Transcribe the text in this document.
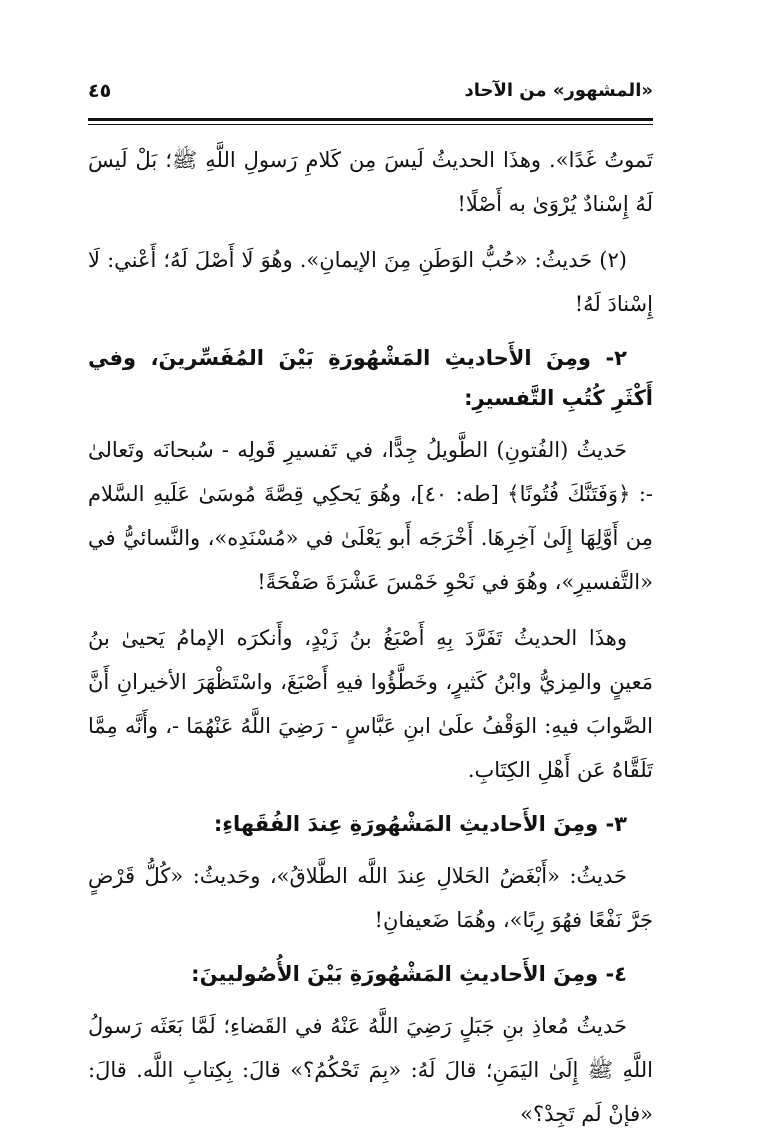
«المشهور» من الآحاد
٤٥

تَموتُ غَدًا». وهذَا الحديثُ لَيسَ مِن كَلامِ رَسولِ اللَّهِ ﷺ؛ بَلْ لَيسَ لَهُ إِسْنادٌ يُرْوَىٰ به أَصْلًا!

(٢) حَديثُ: «حُبُّ الوَطَنِ مِنَ الإيمانِ». وهُوَ لَا أَصْلَ لَهُ؛ أَعْني: لَا إِسْنادَ لَهُ!

٢- ومِنَ الأَحاديثِ المَشْهُورَةِ بَيْنَ المُفَسِّرينَ، وفي أَكْثَرِ كُتُبِ التَّفسيرِ:

حَديثُ (الفُتونِ) الطَّويلُ جِدًّا، في تَفسيرِ قَولِه - سُبحانَه وتَعالىٰ -: ﴿وَفَتَنَّكَ فُتُونًا﴾ [طه: ٤٠]، وهُوَ يَحكِي قِصَّةَ مُوسَىٰ عَلَيهِ السَّلام مِن أَوَّلِهَا إِلَىٰ آخِرِهَا. أَخْرَجَه أَبو يَعْلَىٰ في «مُسْنَدِه»، والنَّسائيُّ في «التَّفسيرِ»، وهُوَ في نَحْوِ خَمْسَ عَشْرَةَ صَفْحَةً!

وهذَا الحديثُ تَفَرَّدَ بِهِ أَصْبَغُ بنُ زَيْدٍ، وأَنكرَه الإمامُ يَحيىٰ بنُ مَعينٍ والمِزيُّ وابْنُ كَثيرٍ، وخَطَّؤُوا فيهِ أَصْبَغَ، واسْتَظْهَرَ الأخيرانِ أَنَّ الصَّوابَ فيهِ: الوَقْفُ علَىٰ ابنِ عَبَّاسٍ - رَضِيَ اللَّهُ عَنْهُمَا -، وأَنَّه مِمَّا تَلَقَّاهُ عَن أَهْلِ الكِتَابِ.

٣- ومِنَ الأَحاديثِ المَشْهُورَةِ عِندَ الفُقَهاءِ:

حَديثُ: «أَبْغَضُ الحَلالِ عِندَ اللَّه الطَّلاقُ»، وحَديثُ: «كُلُّ قَرْضٍ جَرَّ نَفْعًا فهُوَ رِبًا»، وهُمَا ضَعيفانِ!

٤- ومِنَ الأَحاديثِ المَشْهُورَةِ بَيْنَ الأُصُوليينَ:

حَديثُ مُعاذِ بنِ جَبَلٍ رَضِيَ اللَّهُ عَنْهُ في القَضاءِ؛ لَمَّا بَعَثَه رَسولُ اللَّهِ ﷺ إِلَىٰ اليَمَنِ؛ قالَ لَهُ: «بِمَ تَحْكُمُ؟» قالَ: بِكِتابِ اللَّه. قالَ: «فإنْ لَم تَجِدْ؟»
